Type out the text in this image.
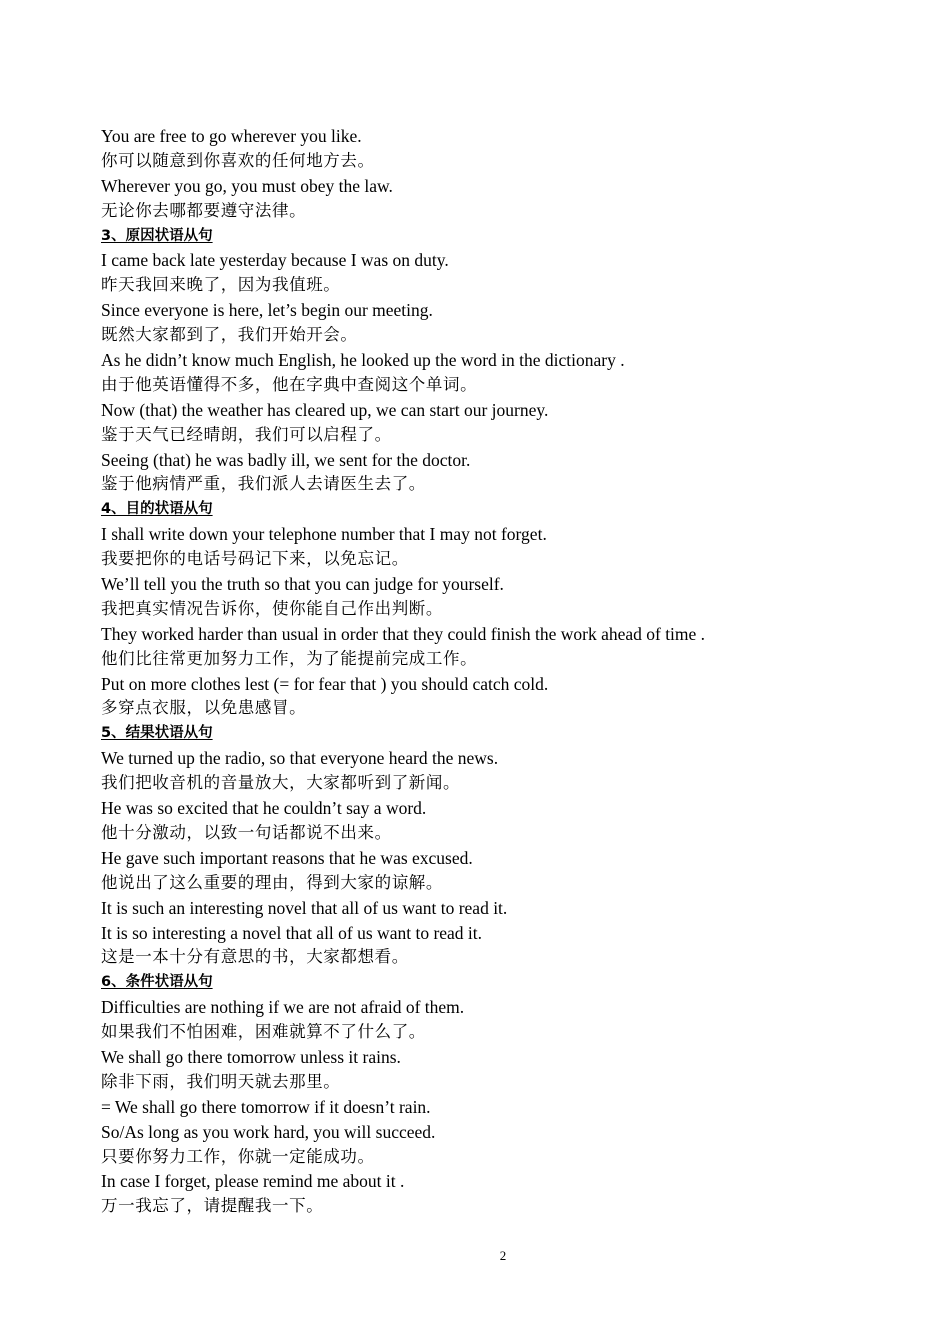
You are free to go wherever you like.

你可以随意到你喜欢的任何地方去。

Wherever you go, you must obey the law.

无论你去哪都要遵守法律。

3、原因状语从句

I came back late yesterday because I was on duty.

昨天我回来晚了，因为我值班。

Since everyone is here, let’s begin our meeting.

既然大家都到了，我们开始开会。

As he didn’t know much English, he looked up the word in the dictionary .

由于他英语懂得不多，他在字典中查阅这个单词。

Now (that) the weather has cleared up, we can start our journey.

鉴于天气已经晴朗，我们可以启程了。

Seeing (that) he was badly ill, we sent for the doctor.

鉴于他病情严重，我们派人去请医生去了。

4、目的状语从句

I shall write down your telephone number that I may not forget.

我要把你的电话号码记下来，以免忘记。

We’ll tell you the truth so that you can judge for yourself.

我把真实情况告诉你，使你能自己作出判断。

They worked harder than usual in order that they could finish the work ahead of time .

他们比往常更加努力工作，为了能提前完成工作。

Put on more clothes lest (= for fear that ) you should catch cold.

多穿点衣服，以免患感冒。

5、结果状语从句

We turned up the radio, so that everyone heard the news.

我们把收音机的音量放大，大家都听到了新闻。

He was so excited that he couldn’t say a word.

他十分激动，以致一句话都说不出来。

He gave such important reasons that he was excused.

他说出了这么重要的理由，得到大家的谅解。

It is such an interesting novel that all of us want to read it.

It is so interesting a novel that all of us want to read it.

这是一本十分有意思的书，大家都想看。

6、条件状语从句

Difficulties are nothing if we are not afraid of them.

如果我们不怕困难，困难就算不了什么了。

We shall go there tomorrow unless it rains.

除非下雨，我们明天就去那里。

= We shall go there tomorrow if it doesn’t rain.

So/As long as you work hard, you will succeed.

只要你努力工作，你就一定能成功。

In case I forget, please remind me about it .

万一我忘了，请提醒我一下。

2
